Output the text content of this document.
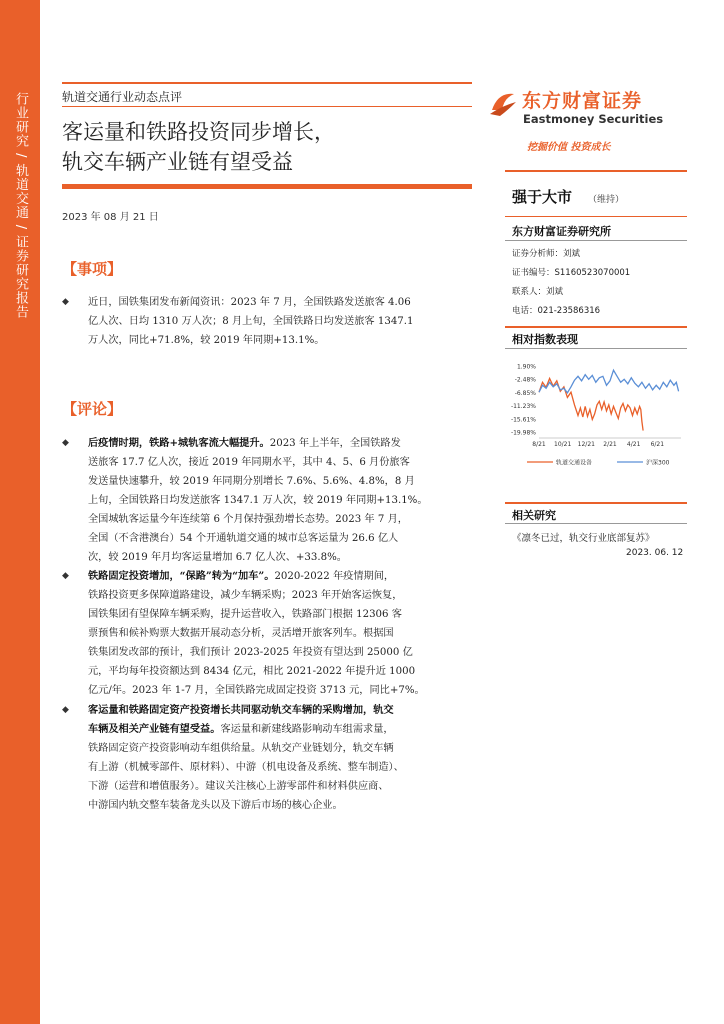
行业研究 / 轨道交通 / 证券研究报告	轨道交通行业动态点评
客运量和铁路投资同步增长，
轨交车辆产业链有望受益
2023 年 08 月 21 日
【事项】
◆ 近日，国铁集团发布新闻资讯：2023 年 7 月，全国铁路发送旅客 4.06
亿人次、日均 1310 万人次；8 月上旬，全国铁路日均发送旅客 1347.1
万人次，同比+71.8%，较 2019 年同期+13.1%。
【评论】
◆ 后疫情时期，铁路+城轨客流大幅提升。2023 年上半年，全国铁路发
送旅客 17.7 亿人次，接近 2019 年同期水平，其中 4、5、6 月份旅客
发送量快速攀升，较 2019 年同期分别增长 7.6%、5.6%、4.8%，8 月
上旬，全国铁路日均发送旅客 1347.1 万人次，较 2019 年同期+13.1%。
全国城轨客运量今年连续第 6 个月保持强劲增长态势。2023 年 7 月，
全国（不含港澳台）54 个开通轨道交通的城市总客运量为 26.6 亿人
次，较 2019 年月均客运量增加 6.7 亿人次、+33.8%。
◆ 铁路固定投资增加，“保路”转为“加车”。2020-2022 年疫情期间，
铁路投资更多保障道路建设，减少车辆采购；2023 年开始客运恢复，
国铁集团有望保障车辆采购，提升运营收入，铁路部门根据 12306 客
票预售和候补购票大数据开展动态分析，灵活增开旅客列车。根据国
铁集团发改部的预计，我们预计 2023-2025 年投资有望达到 25000 亿
元，平均每年投资额达到 8434 亿元，相比 2021-2022 年提升近 1000
亿元/年。2023 年 1-7 月，全国铁路完成固定投资 3713 元，同比+7%。
◆ 客运量和铁路固定资产投资增长共同驱动轨交车辆的采购增加，轨交
车辆及相关产业链有望受益。客运量和新建线路影响动车组需求量，
铁路固定资产投资影响动车组供给量。从轨交产业链划分，轨交车辆
有上游（机械零部件、原材料）、中游（机电设备及系统、整车制造）、
下游（运营和增值服务）。建议关注核心上游零部件和材料供应商、
中游国内轨交整车装备龙头以及下游后市场的核心企业。
东方财富证券
Eastmoney Securities
挖掘价值 投资成长
强于大市 （维持）
东方财富证券研究所
证券分析师：刘斌
证书编号：S1160523070001
联系人：刘斌
电话：021-23586316
相对指数表现
1.90%
-2.48%
-6.85%
-11.23%
-15.61%
-19.98%
8/21 10/21 12/21 2/21 4/21 6/21
轨道交通设备	沪深300
相关研究
《凛冬已过，轨交行业底部复苏》
2023. 06. 12
